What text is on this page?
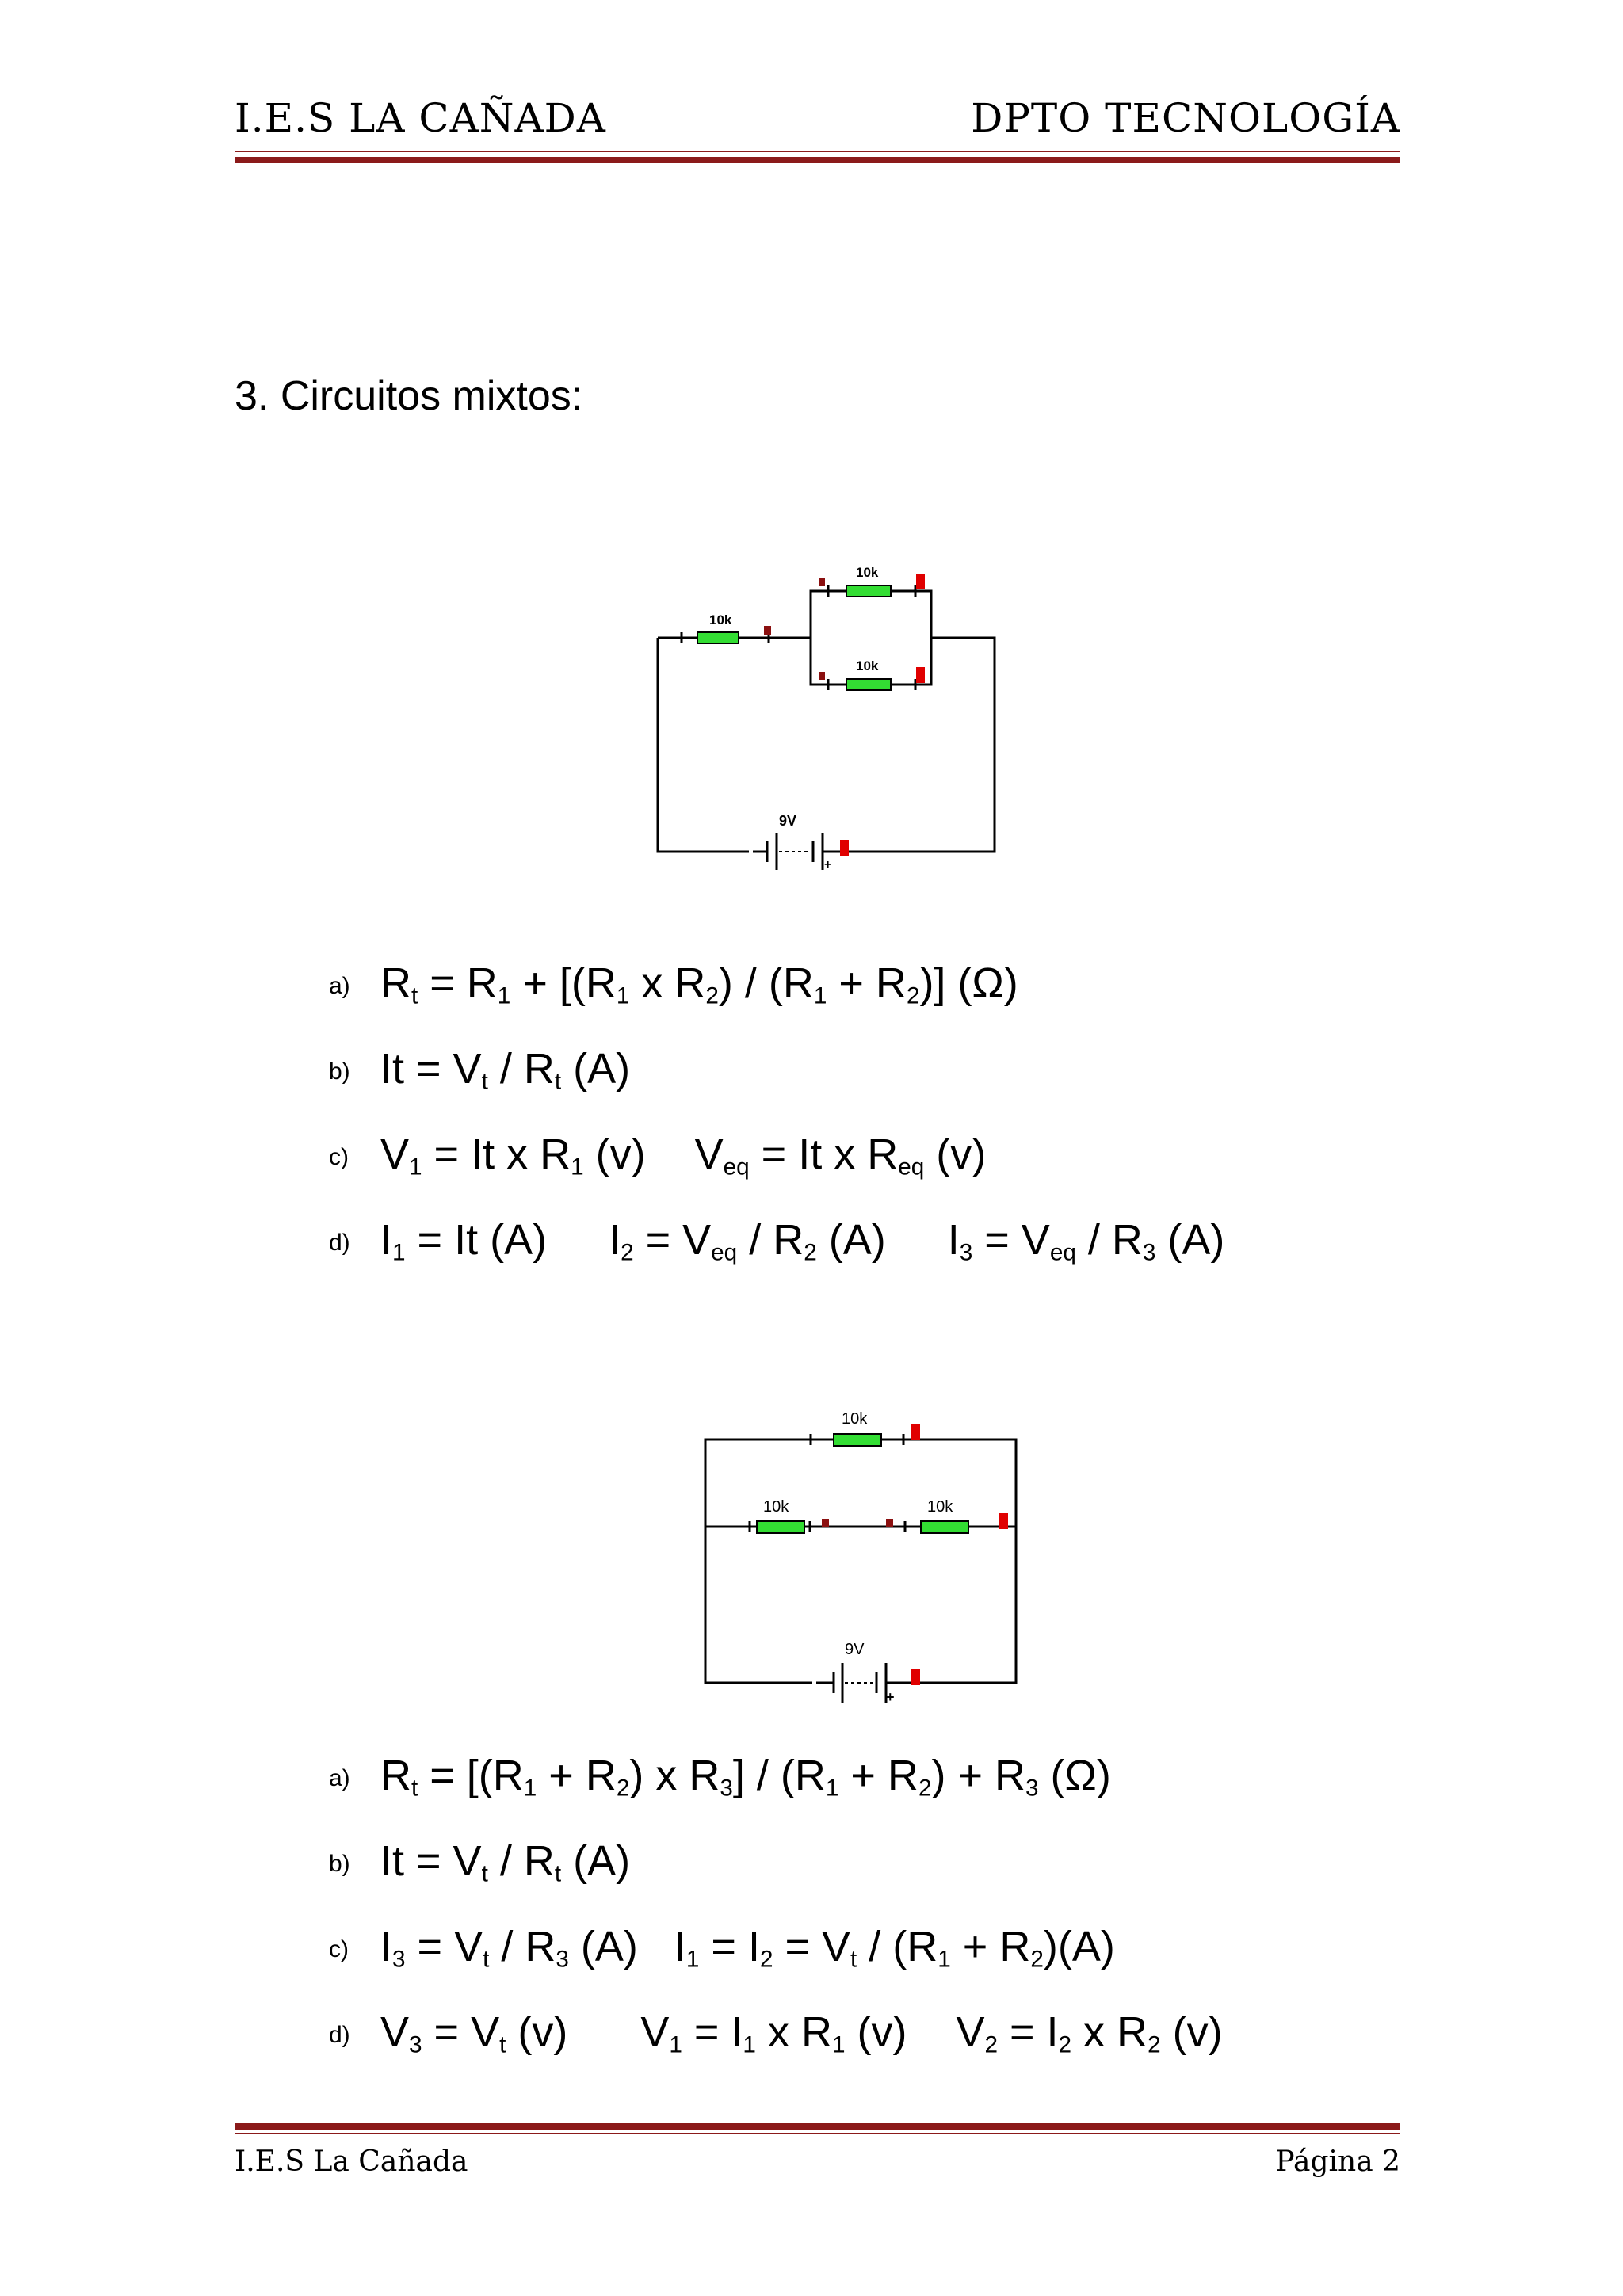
I.E.S LA CAÑADA	DPTO TECNOLOGÍA
3. Circuitos mixtos:
10k
10k
10k
9V
+
a) $R_t = R_1 + [(R_1$ x $R_2) / (R_1 + R_2)$] (Ω)
b) $It = V_t / R_t$ (A)
c) $V_1 = It$ x $R_1$ (v) $V_{eq} = It$ x $R_{eq}$ (v)
d) $I_1 = It$ (A) $I_2 = V_{eq} / R_2$ (A) $I_3 = V_{eq} / R_3$ (A)
10k
10k	10k
9V
+
a) $R_t = [(R_1 + R_2)$ x $R_3] / (R_1 + R_2) + R_3$ (Ω)
b) $It = V_t / R_t$ (A)
c) $I_3 = V_t / R_3$ (A) $I_1 = I_2 = V_t / (R_1 + R_2)(A)$
d) $V_3 = V_t$ (v) $V_1 = I_1$ x $R_1$ (v) $V_2 = I_2$ x $R_2$ (v)
I.E.S La Cañada	Página 2
